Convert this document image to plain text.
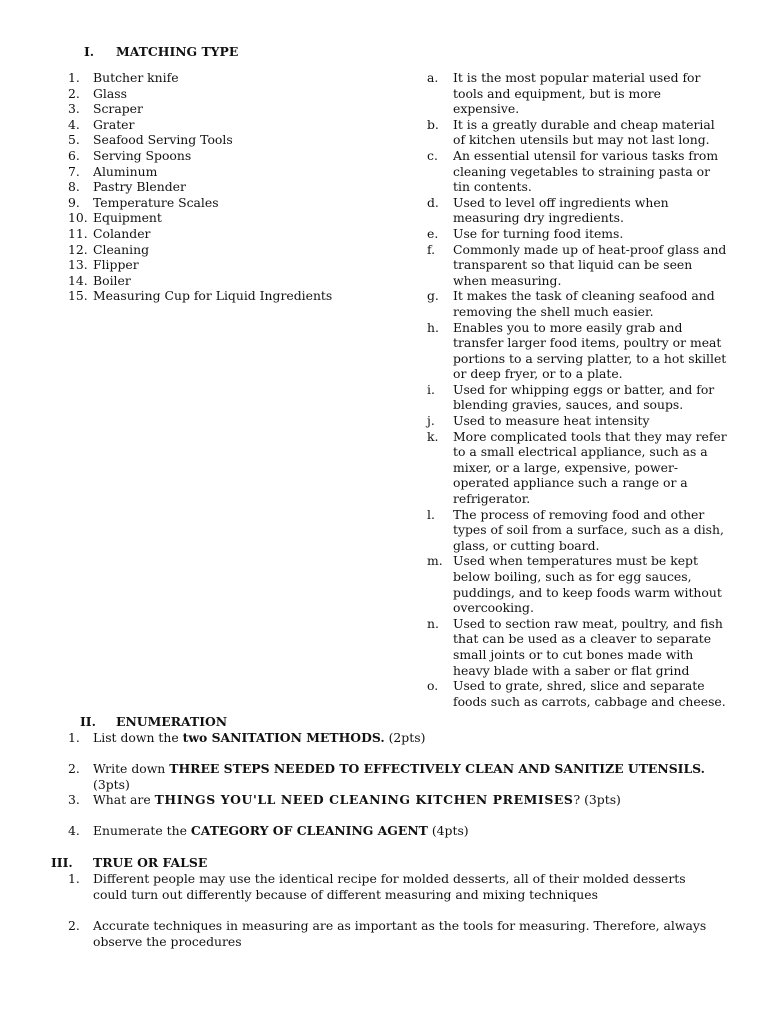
I. MATCHING TYPE
1.	Butcher knife
2.	Glass
3.	Scraper
4.	Grater
5.	Seafood Serving Tools
6.	Serving Spoons
7.	Aluminum
8.	Pastry Blender
9.	Temperature Scales
10. Equipment
11. Colander
12. Cleaning
13. Flipper
14. Boiler
15. Measuring Cup for Liquid Ingredients
a.	It is the most popular material used for tools and equipment, but is more expensive.
b.	It is a greatly durable and cheap material of kitchen utensils but may not last long.
c.	An essential utensil for various tasks from cleaning vegetables to straining pasta or tin contents.
d.	Used to level off ingredients when measuring dry ingredients.
e.	Use for turning food items.
f.	Commonly made up of heat-proof glass and transparent so that liquid can be seen when measuring.
g.	It makes the task of cleaning seafood and removing the shell much easier.
h.	Enables you to more easily grab and transfer larger food items, poultry or meat portions to a serving platter, to a hot skillet or deep fryer, or to a plate.
i.	Used for whipping eggs or batter, and for blending gravies, sauces, and soups.
j.	Used to measure heat intensity
k.	More complicated tools that they may refer to a small electrical appliance, such as a mixer, or a large, expensive, power-operated appliance such a range or a refrigerator.
l.	The process of removing food and other types of soil from a surface, such as a dish, glass, or cutting board.
m. Used when temperatures must be kept below boiling, such as for egg sauces, puddings, and to keep foods warm without overcooking.
n.	Used to section raw meat, poultry, and fish that can be used as a cleaver to separate small joints or to cut bones made with heavy blade with a saber or flat grind
o.	Used to grate, shred, slice and separate foods such as carrots, cabbage and cheese.
II. ENUMERATION
1.	List down the two SANITATION METHODS. (2pts)
2.	Write down THREE STEPS NEEDED TO EFFECTIVELY CLEAN AND SANITIZE UTENSILS. (3pts)
3.	What are THINGS YOU'LL NEED CLEANING KITCHEN PREMISES? (3pts)
4.	Enumerate the CATEGORY OF CLEANING AGENT (4pts)
III. TRUE OR FALSE
1.	Different people may use the identical recipe for molded desserts, all of their molded desserts could turn out differently because of different measuring and mixing techniques
2.	Accurate techniques in measuring are as important as the tools for measuring. Therefore, always observe the procedures
